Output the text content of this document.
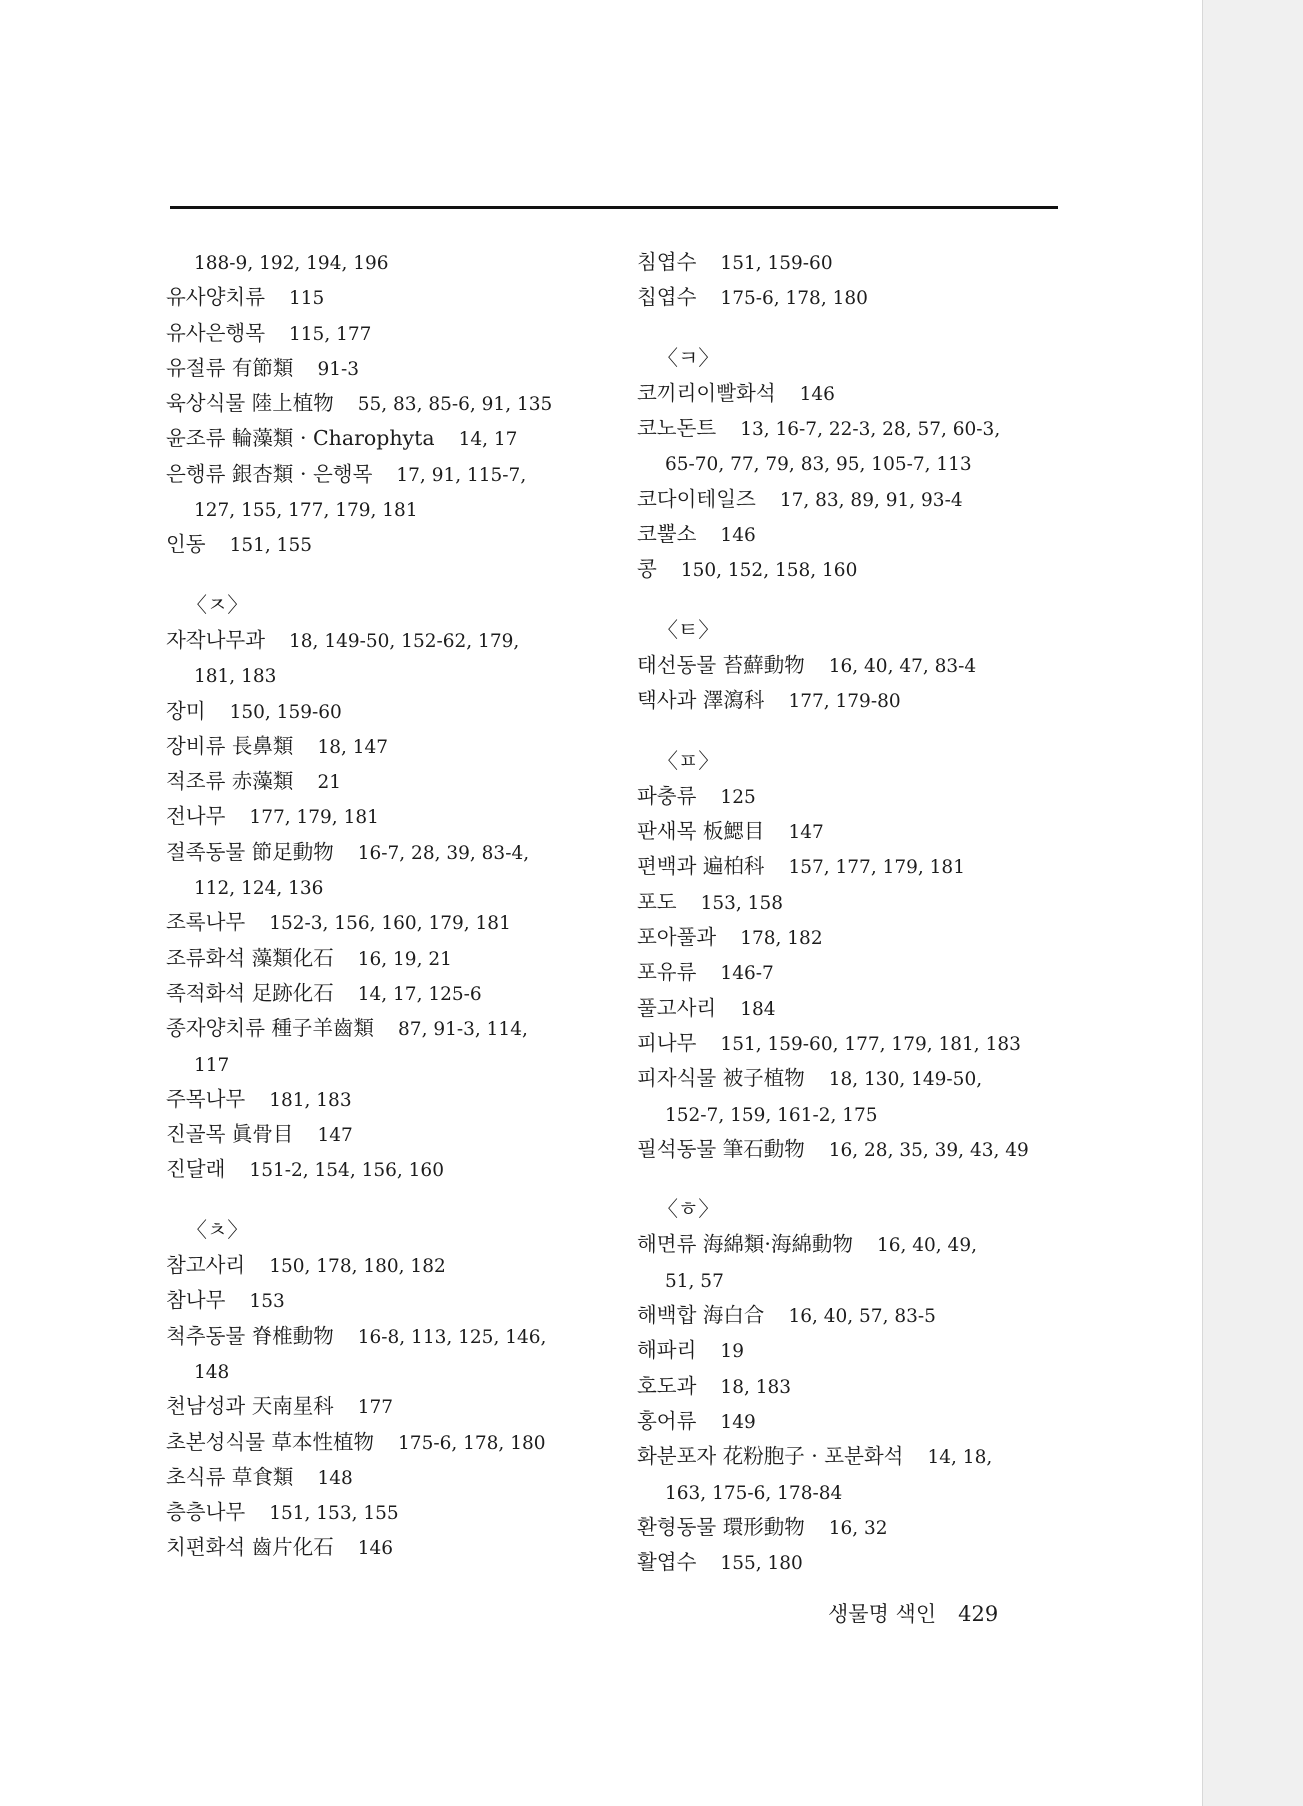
188-9, 192, 194, 196
유사양치류 115
유사은행목 115, 177
유절류 有節類 91-3
육상식물 陸上植物 55, 83, 85-6, 91, 135
윤조류 輪藻類 · Charophyta 14, 17
은행류 銀杏類 · 은행목 17, 91, 115-7,
127, 155, 177, 179, 181
인동 151, 155
〈ㅈ〉
자작나무과 18, 149-50, 152-62, 179,
181, 183
장미 150, 159-60
장비류 長鼻類 18, 147
적조류 赤藻類 21
전나무 177, 179, 181
절족동물 節足動物 16-7, 28, 39, 83-4,
112, 124, 136
조록나무 152-3, 156, 160, 179, 181
조류화석 藻類化石 16, 19, 21
족적화석 足跡化石 14, 17, 125-6
종자양치류 種子羊齒類 87, 91-3, 114,
117
주목나무 181, 183
진골목 眞骨目 147
진달래 151-2, 154, 156, 160
〈ㅊ〉
참고사리 150, 178, 180, 182
참나무 153
척추동물 脊椎動物 16-8, 113, 125, 146,
148
천남성과 天南星科 177
초본성식물 草本性植物 175-6, 178, 180
초식류 草食類 148
층층나무 151, 153, 155
치편화석 齒片化石 146
침엽수 151, 159-60
칩엽수 175-6, 178, 180
〈ㅋ〉
코끼리이빨화석 146
코노돈트 13, 16-7, 22-3, 28, 57, 60-3,
65-70, 77, 79, 83, 95, 105-7, 113
코다이테일즈 17, 83, 89, 91, 93-4
코뿔소 146
콩 150, 152, 158, 160
〈ㅌ〉
태선동물 苔蘚動物 16, 40, 47, 83-4
택사과 澤瀉科 177, 179-80
〈ㅍ〉
파충류 125
판새목 板鰓目 147
편백과 遍柏科 157, 177, 179, 181
포도 153, 158
포아풀과 178, 182
포유류 146-7
풀고사리 184
피나무 151, 159-60, 177, 179, 181, 183
피자식물 被子植物 18, 130, 149-50,
152-7, 159, 161-2, 175
필석동물 筆石動物 16, 28, 35, 39, 43, 49
〈ㅎ〉
해면류 海綿類·海綿動物 16, 40, 49,
51, 57
해백합 海白合 16, 40, 57, 83-5
해파리 19
호도과 18, 183
홍어류 149
화분포자 花粉胞子 · 포분화석 14, 18,
163, 175-6, 178-84
환형동물 環形動物 16, 32
활엽수 155, 180
생물명 색인 429
